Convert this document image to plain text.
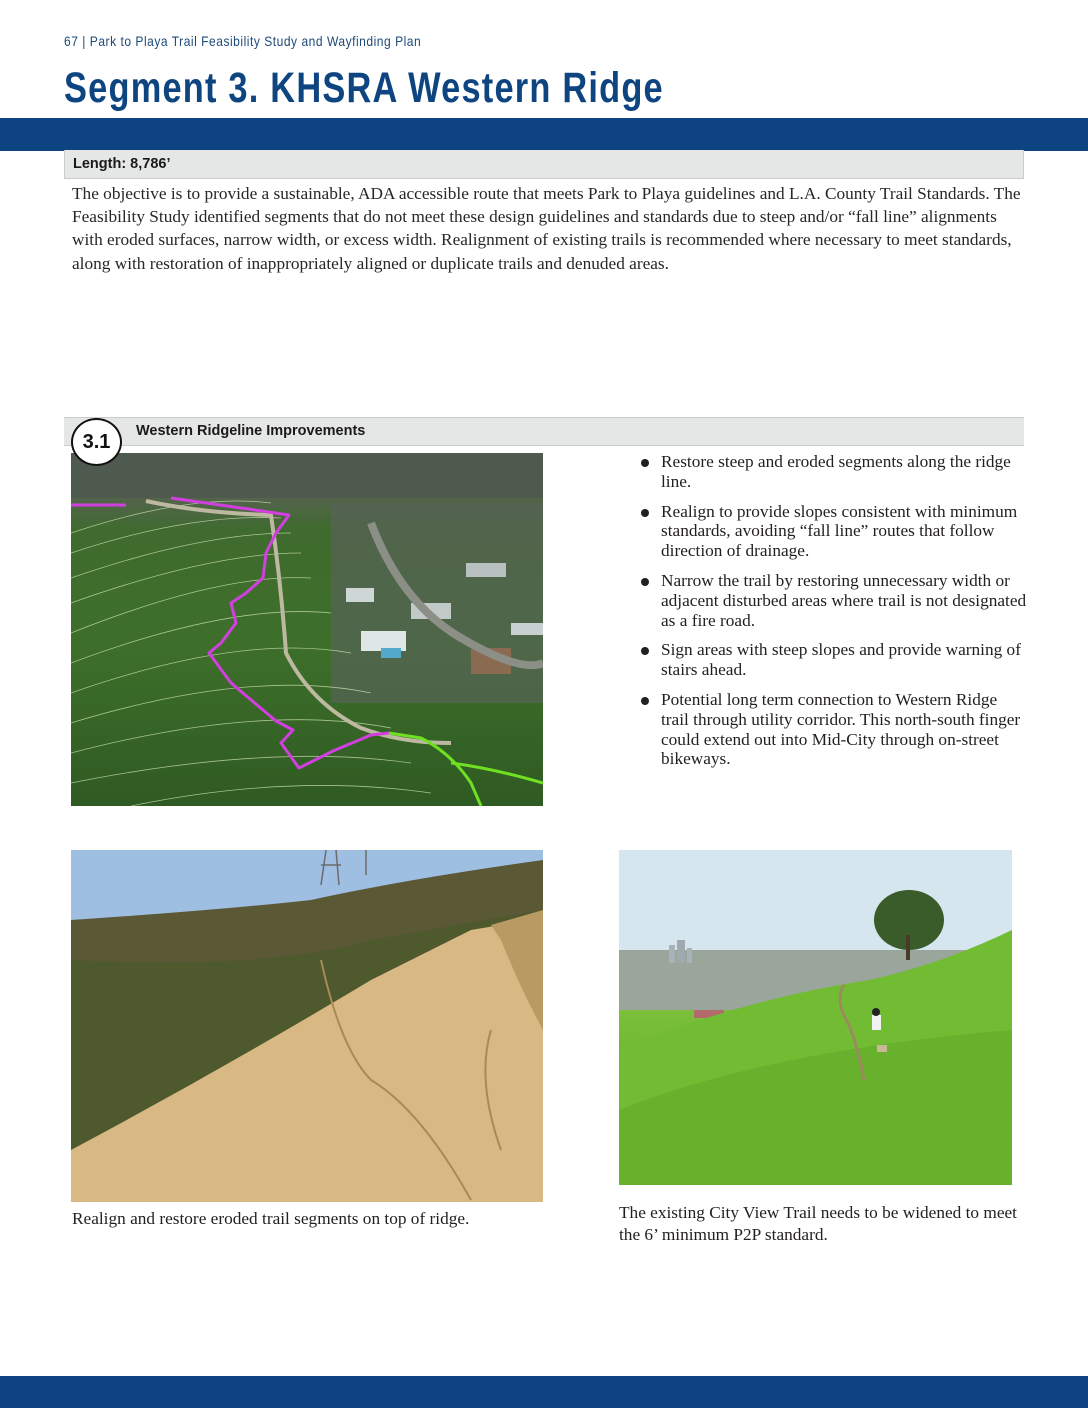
67 | Park to Playa Trail Feasibility Study and Wayfinding Plan
Segment 3. KHSRA Western Ridge
Length: 8,786’

The objective is to provide a sustainable, ADA accessible route that meets Park to Playa guidelines and L.A. County Trail Standards. The Feasibility Study identified segments that do not meet these design guidelines and standards due to steep and/or “fall line” alignments with eroded surfaces, narrow width, or excess width. Realignment of existing trails is recommended where necessary to meet standards, along with restoration of inappropriately aligned or duplicate trails and denuded areas.

3.1	Western Ridgeline Improvements
Restore steep and eroded segments along the ridge line.
Realign to provide slopes consistent with minimum standards, avoiding “fall line” routes that follow direction of drainage.
Narrow the trail by restoring unnecessary width or adjacent disturbed areas where trail is not designated as a fire road.
Sign areas with steep slopes and provide warning of stairs ahead.
Potential long term connection to Western Ridge trail through utility corridor. This north-south finger could extend out into Mid-City through on-street bikeways.

Realign and restore eroded trail segments on top of ridge.	The existing City View Trail needs to be widened to meet the 6’ minimum P2P standard.
